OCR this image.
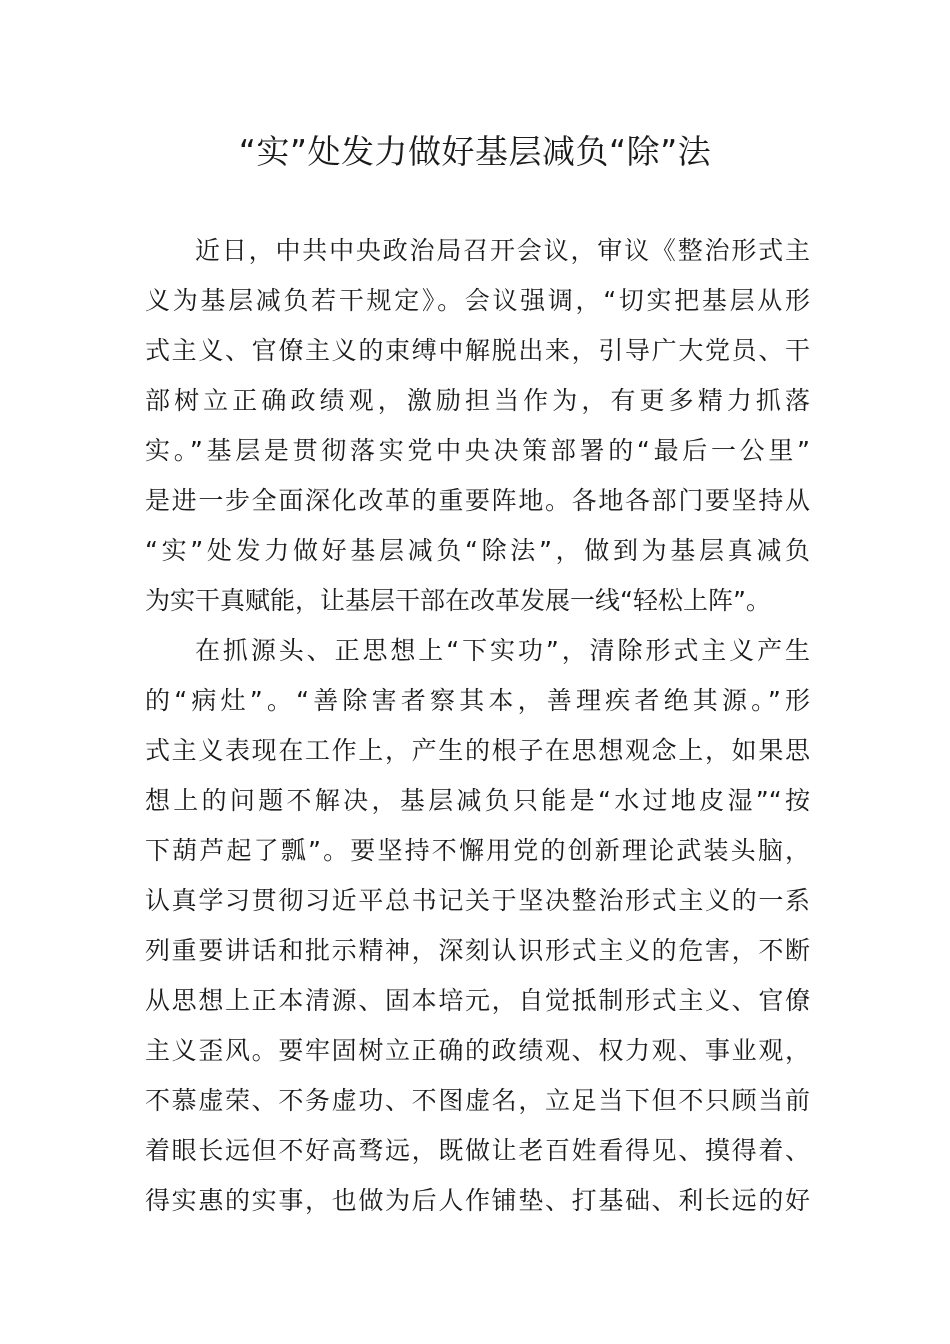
“实”处发力做好基层减负“除”法
近日，中共中央政治局召开会议，审议《整治形式主
义为基层减负若干规定》。会议强调，“切实把基层从形
式主义、官僚主义的束缚中解脱出来，引导广大党员、干
部树立正确政绩观，激励担当作为，有更多精力抓落
实。”基层是贯彻落实党中央决策部署的“最后一公里”
是进一步全面深化改革的重要阵地。各地各部门要坚持从
“实”处发力做好基层减负“除法”，做到为基层真减负
为实干真赋能，让基层干部在改革发展一线“轻松上阵”。
在抓源头、正思想上“下实功”，清除形式主义产生
的“病灶”。“善除害者察其本，善理疾者绝其源。”形
式主义表现在工作上，产生的根子在思想观念上，如果思
想上的问题不解决，基层减负只能是“水过地皮湿”“按
下葫芦起了瓢”。要坚持不懈用党的创新理论武装头脑，
认真学习贯彻习近平总书记关于坚决整治形式主义的一系
列重要讲话和批示精神，深刻认识形式主义的危害，不断
从思想上正本清源、固本培元，自觉抵制形式主义、官僚
主义歪风。要牢固树立正确的政绩观、权力观、事业观，
不慕虚荣、不务虚功、不图虚名，立足当下但不只顾当前
着眼长远但不好高骛远，既做让老百姓看得见、摸得着、
得实惠的实事，也做为后人作铺垫、打基础、利长远的好
